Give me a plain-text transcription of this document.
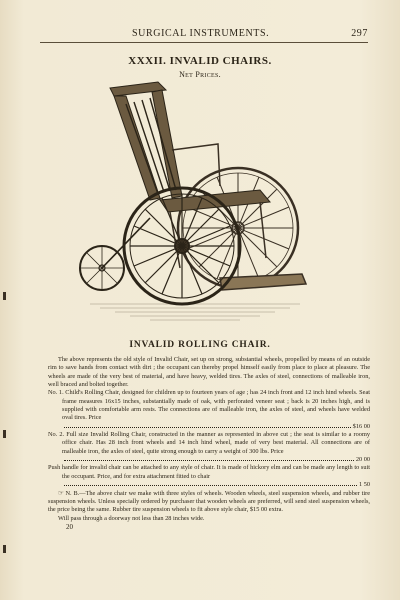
SURGICAL INSTRUMENTS.	297
XXXII. INVALID CHAIRS.
Net Prices.
INVALID ROLLING CHAIR.

The above represents the old style of Invalid Chair, set up on strong, substantial wheels, propelled by means of an outside rim to save hands from contact with dirt ; the occupant can thereby propel himself easily from place to place at pleasure. The wheels are made of the very best of material, and have heavy, welded tires. The axles of steel, connections of malleable iron, well braced and bolted together.

No. 1. Child's Rolling Chair, designed for children up to fourteen years of age ; has 24 inch front and 12 inch hind wheels. Seat frame measures 16x15 inches, substantially made of oak, with perforated veneer seat ; back is 20 inches high, and is supplied with comfortable arm rests. The connections are of malleable iron, the axles of steel, and wheels have welded oval tires. Price

$16 00

No. 2. Full size Invalid Rolling Chair, constructed in the manner as represented in above cut ; the seat is similar to a roomy office chair. Has 28 inch front wheels and 14 inch hind wheel, made of very best material. All connections are of malleable iron, the axles of steel, quite strong enough to carry a weight of 300 lbs. Price

20 00

Push handle for invalid chair can be attached to any style of chair. It is made of hickory elm and can be made any length to suit the occupant. Price, and for extra attachment fitted to chair

1 50

☞ N. B.—The above chair we make with three styles of wheels. Wooden wheels, steel suspension wheels, and rubber tire suspension wheels. Unless specially ordered by purchaser that wooden wheels are preferred, will send steel suspension wheels, the price being the same. Rubber tire suspension wheels to fit above style chair, $15 00 extra.

Will pass through a doorway not less than 28 inches wide.

20
